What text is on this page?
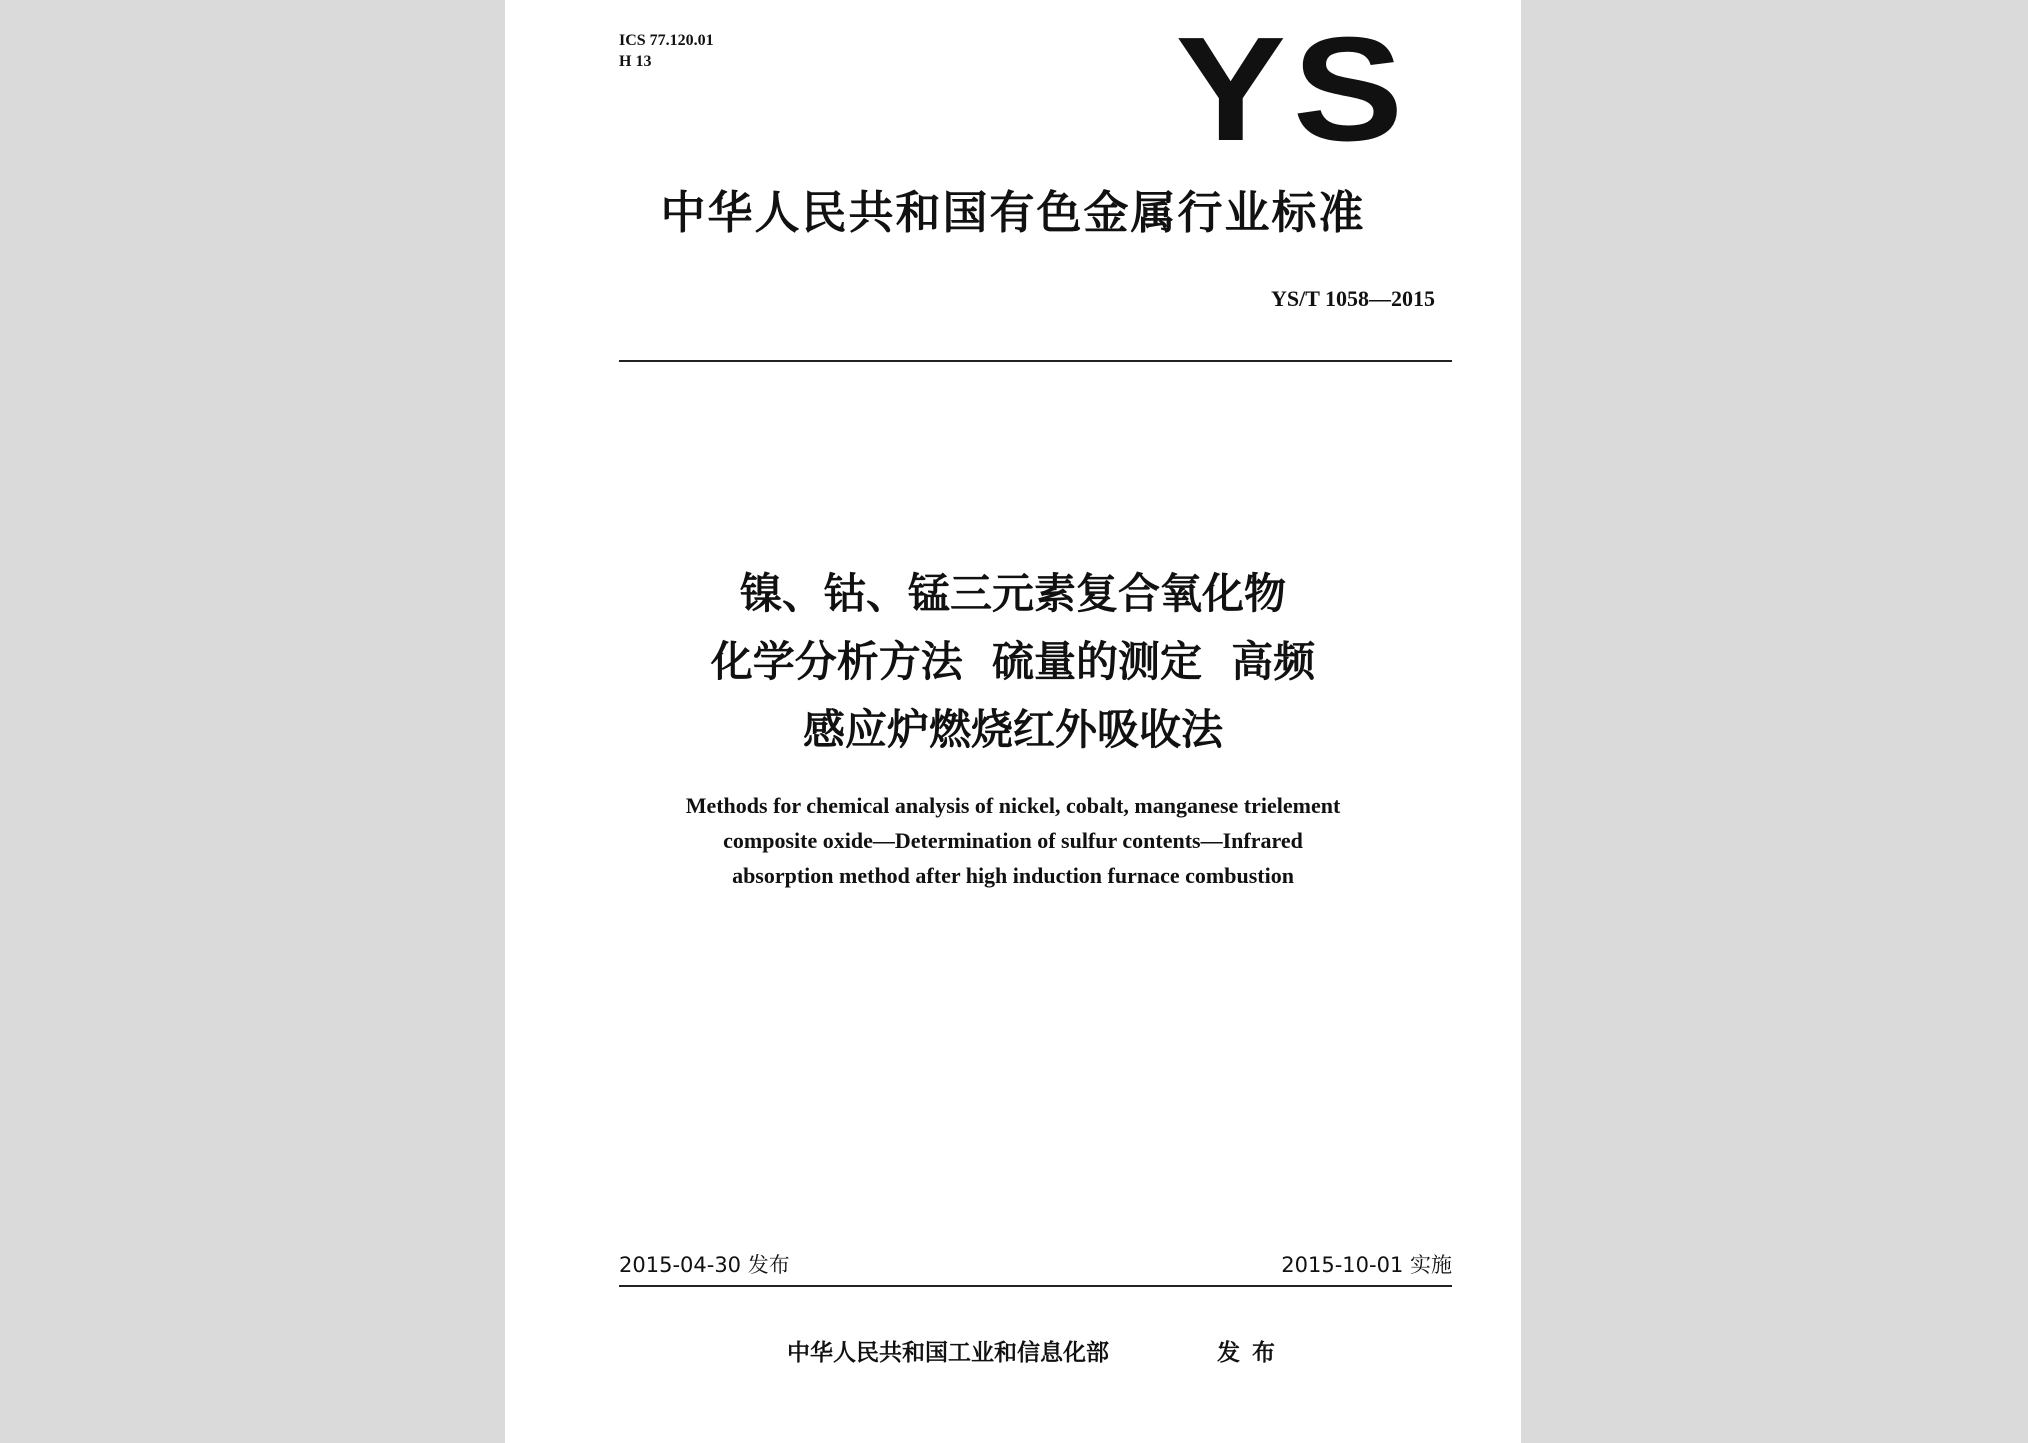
ICS 77.120.01
H 13	YS
中华人民共和国有色金属行业标准
YS/T 1058—2015
镍、钴、锰三元素复合氧化物
化学分析方法  硫量的测定  高频
感应炉燃烧红外吸收法
Methods for chemical analysis of nickel, cobalt, manganese trielement
composite oxide—Determination of sulfur contents—Infrared
absorption method after high induction furnace combustion
2015-04-30 发布	2015-10-01 实施
中华人民共和国工业和信息化部	发布
